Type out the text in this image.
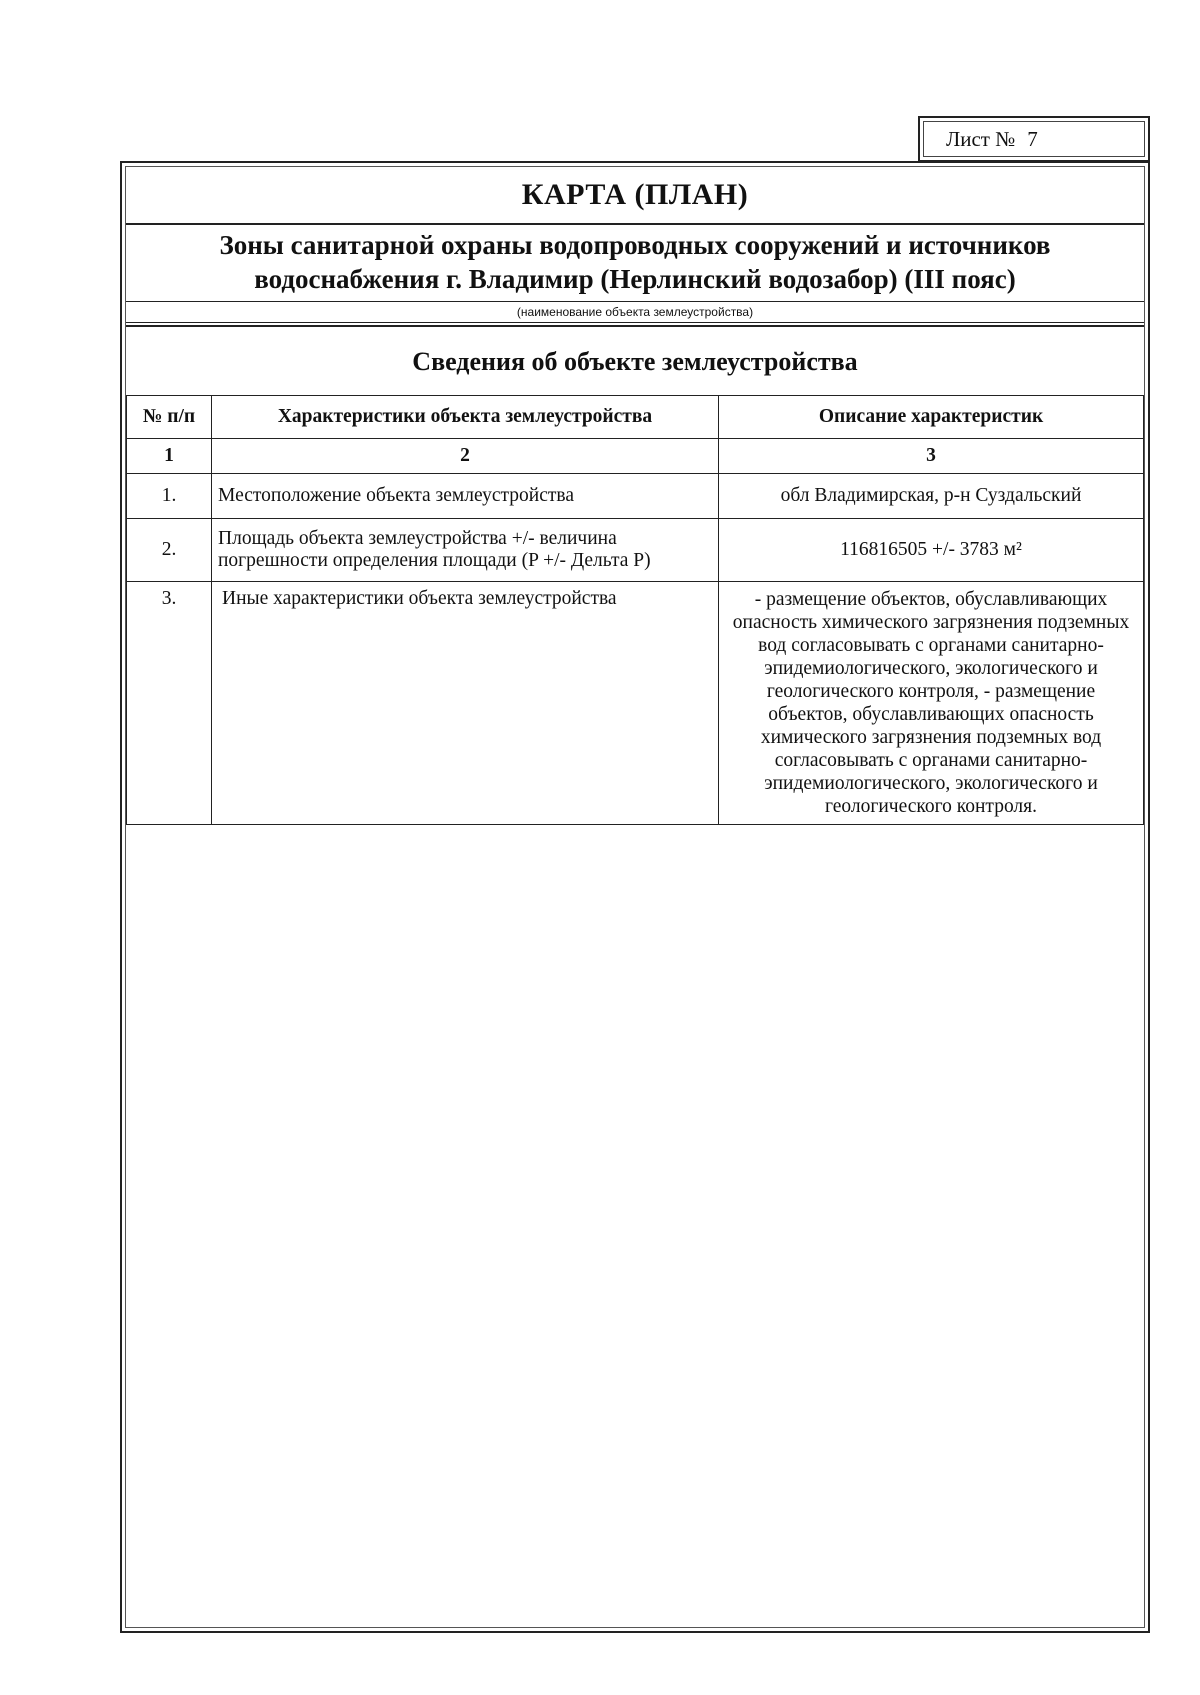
Лист № 7
КАРТА (ПЛАН)
Зоны санитарной охраны водопроводных сооружений и источников водоснабжения г. Владимир (Нерлинский водозабор) (III пояс)
(наименование объекта землеустройства)
Сведения об объекте землеустройства
№ п/п	Характеристики объекта землеустройства	Описание характеристик
1	2	3
1.	Местоположение объекта землеустройства	обл Владимирская, р-н Суздальский
2.	Площадь объекта землеустройства +/- величина погрешности определения площади (P +/- Дельта P)	116816505 +/- 3783 м²
3.	Иные характеристики объекта землеустройства	- размещение объектов, обуславливающих опасность химического загрязнения подземных вод согласовывать с органами санитарно-эпидемиологического, экологического и геологического контроля, - размещение объектов, обуславливающих опасность химического загрязнения подземных вод согласовывать с органами санитарно-эпидемиологического, экологического и геологического контроля.
